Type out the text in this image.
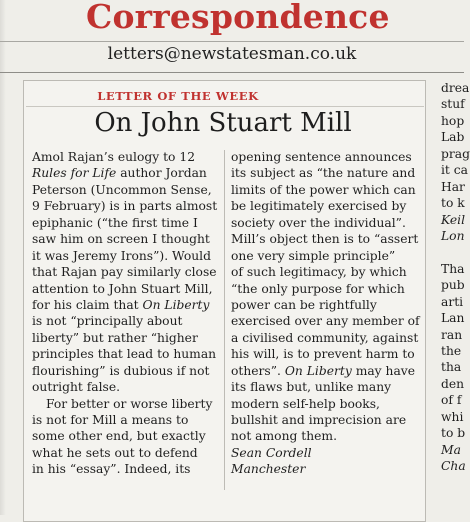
Correspondence
letters@newstatesman.co.uk
LETTER OF THE WEEK
On John Stuart Mill
Amol Rajan’s eulogy to 12
Rules for Life author Jordan
Peterson (Uncommon Sense,
9 February) is in parts almost
epiphanic (“the first time I
saw him on screen I thought
it was Jeremy Irons”). Would
that Rajan pay similarly close
attention to John Stuart Mill,
for his claim that On Liberty
is not “principally about
liberty” but rather “higher
principles that lead to human
flourishing” is dubious if not
outright false.
For better or worse liberty
is not for Mill a means to
some other end, but exactly
what he sets out to defend
in his “essay”. Indeed, its
opening sentence announces
its subject as “the nature and
limits of the power which can
be legitimately exercised by
society over the individual”.
Mill’s object then is to “assert
one very simple principle”
of such legitimacy, by which
“the only purpose for which
power can be rightfully
exercised over any member of
a civilised community, against
his will, is to prevent harm to
others”. On Liberty may have
its flaws but, unlike many
modern self-help books,
bullshit and imprecision are
not among them.
Sean Cordell
Manchester
drea
stuf
hop
Lab
prag
it ca
Har
to k
Keil
Lon
Tha
pub
arti
Lan
ran
the
tha
den
of f
whi
to b
Ma
Cha
